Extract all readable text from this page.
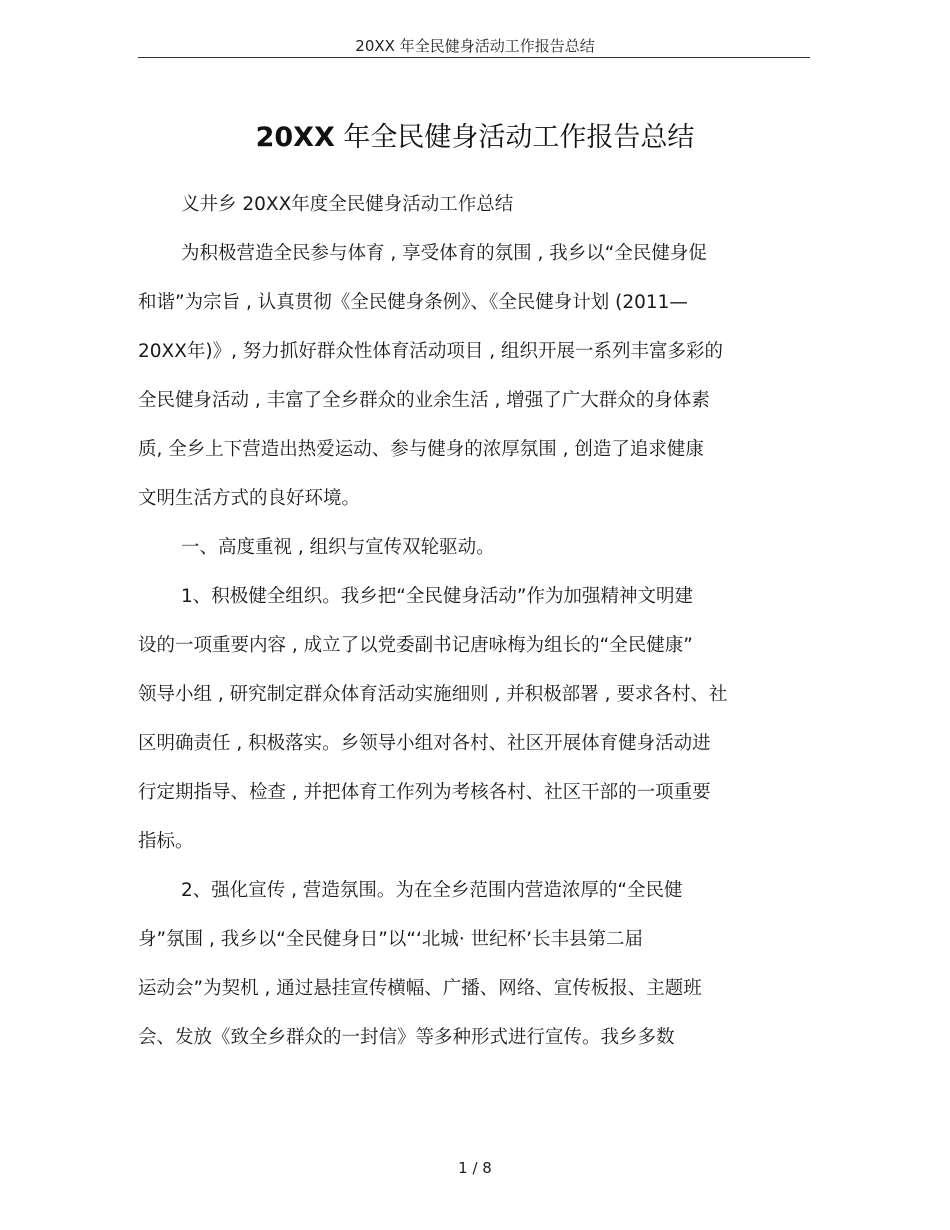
20XX 年全民健身活动工作报告总结
20XX 年全民健身活动工作报告总结
义井乡 20XX年度全民健身活动工作总结
为积极营造全民参与体育 , 享受体育的氛围 , 我乡以“全民健身促
和谐”为宗旨 , 认真贯彻《全民健身条例》、《全民健身计划 (2011—
20XX年)》, 努力抓好群众性体育活动项目 , 组织开展一系列丰富多彩的
全民健身活动 , 丰富了全乡群众的业余生活 , 增强了广大群众的身体素
质, 全乡上下营造出热爱运动、参与健身的浓厚氛围 , 创造了追求健康
文明生活方式的良好环境。
一、高度重视 , 组织与宣传双轮驱动。
1、积极健全组织。我乡把“全民健身活动”作为加强精神文明建
设的一项重要内容 , 成立了以党委副书记唐咏梅为组长的“全民健康”
领导小组 , 研究制定群众体育活动实施细则 , 并积极部署 , 要求各村、社
区明确责任 , 积极落实。乡领导小组对各村、社区开展体育健身活动进
行定期指导、检查 , 并把体育工作列为考核各村、社区干部的一项重要
指标。
2、强化宣传 , 营造氛围。为在全乡范围内营造浓厚的“全民健
身”氛围 , 我乡以“全民健身日”以“‘北城· 世纪杯’长丰县第二届
运动会”为契机 , 通过悬挂宣传横幅、广播、网络、宣传板报、主题班
会、发放《致全乡群众的一封信》等多种形式进行宣传。我乡多数
1 / 8
